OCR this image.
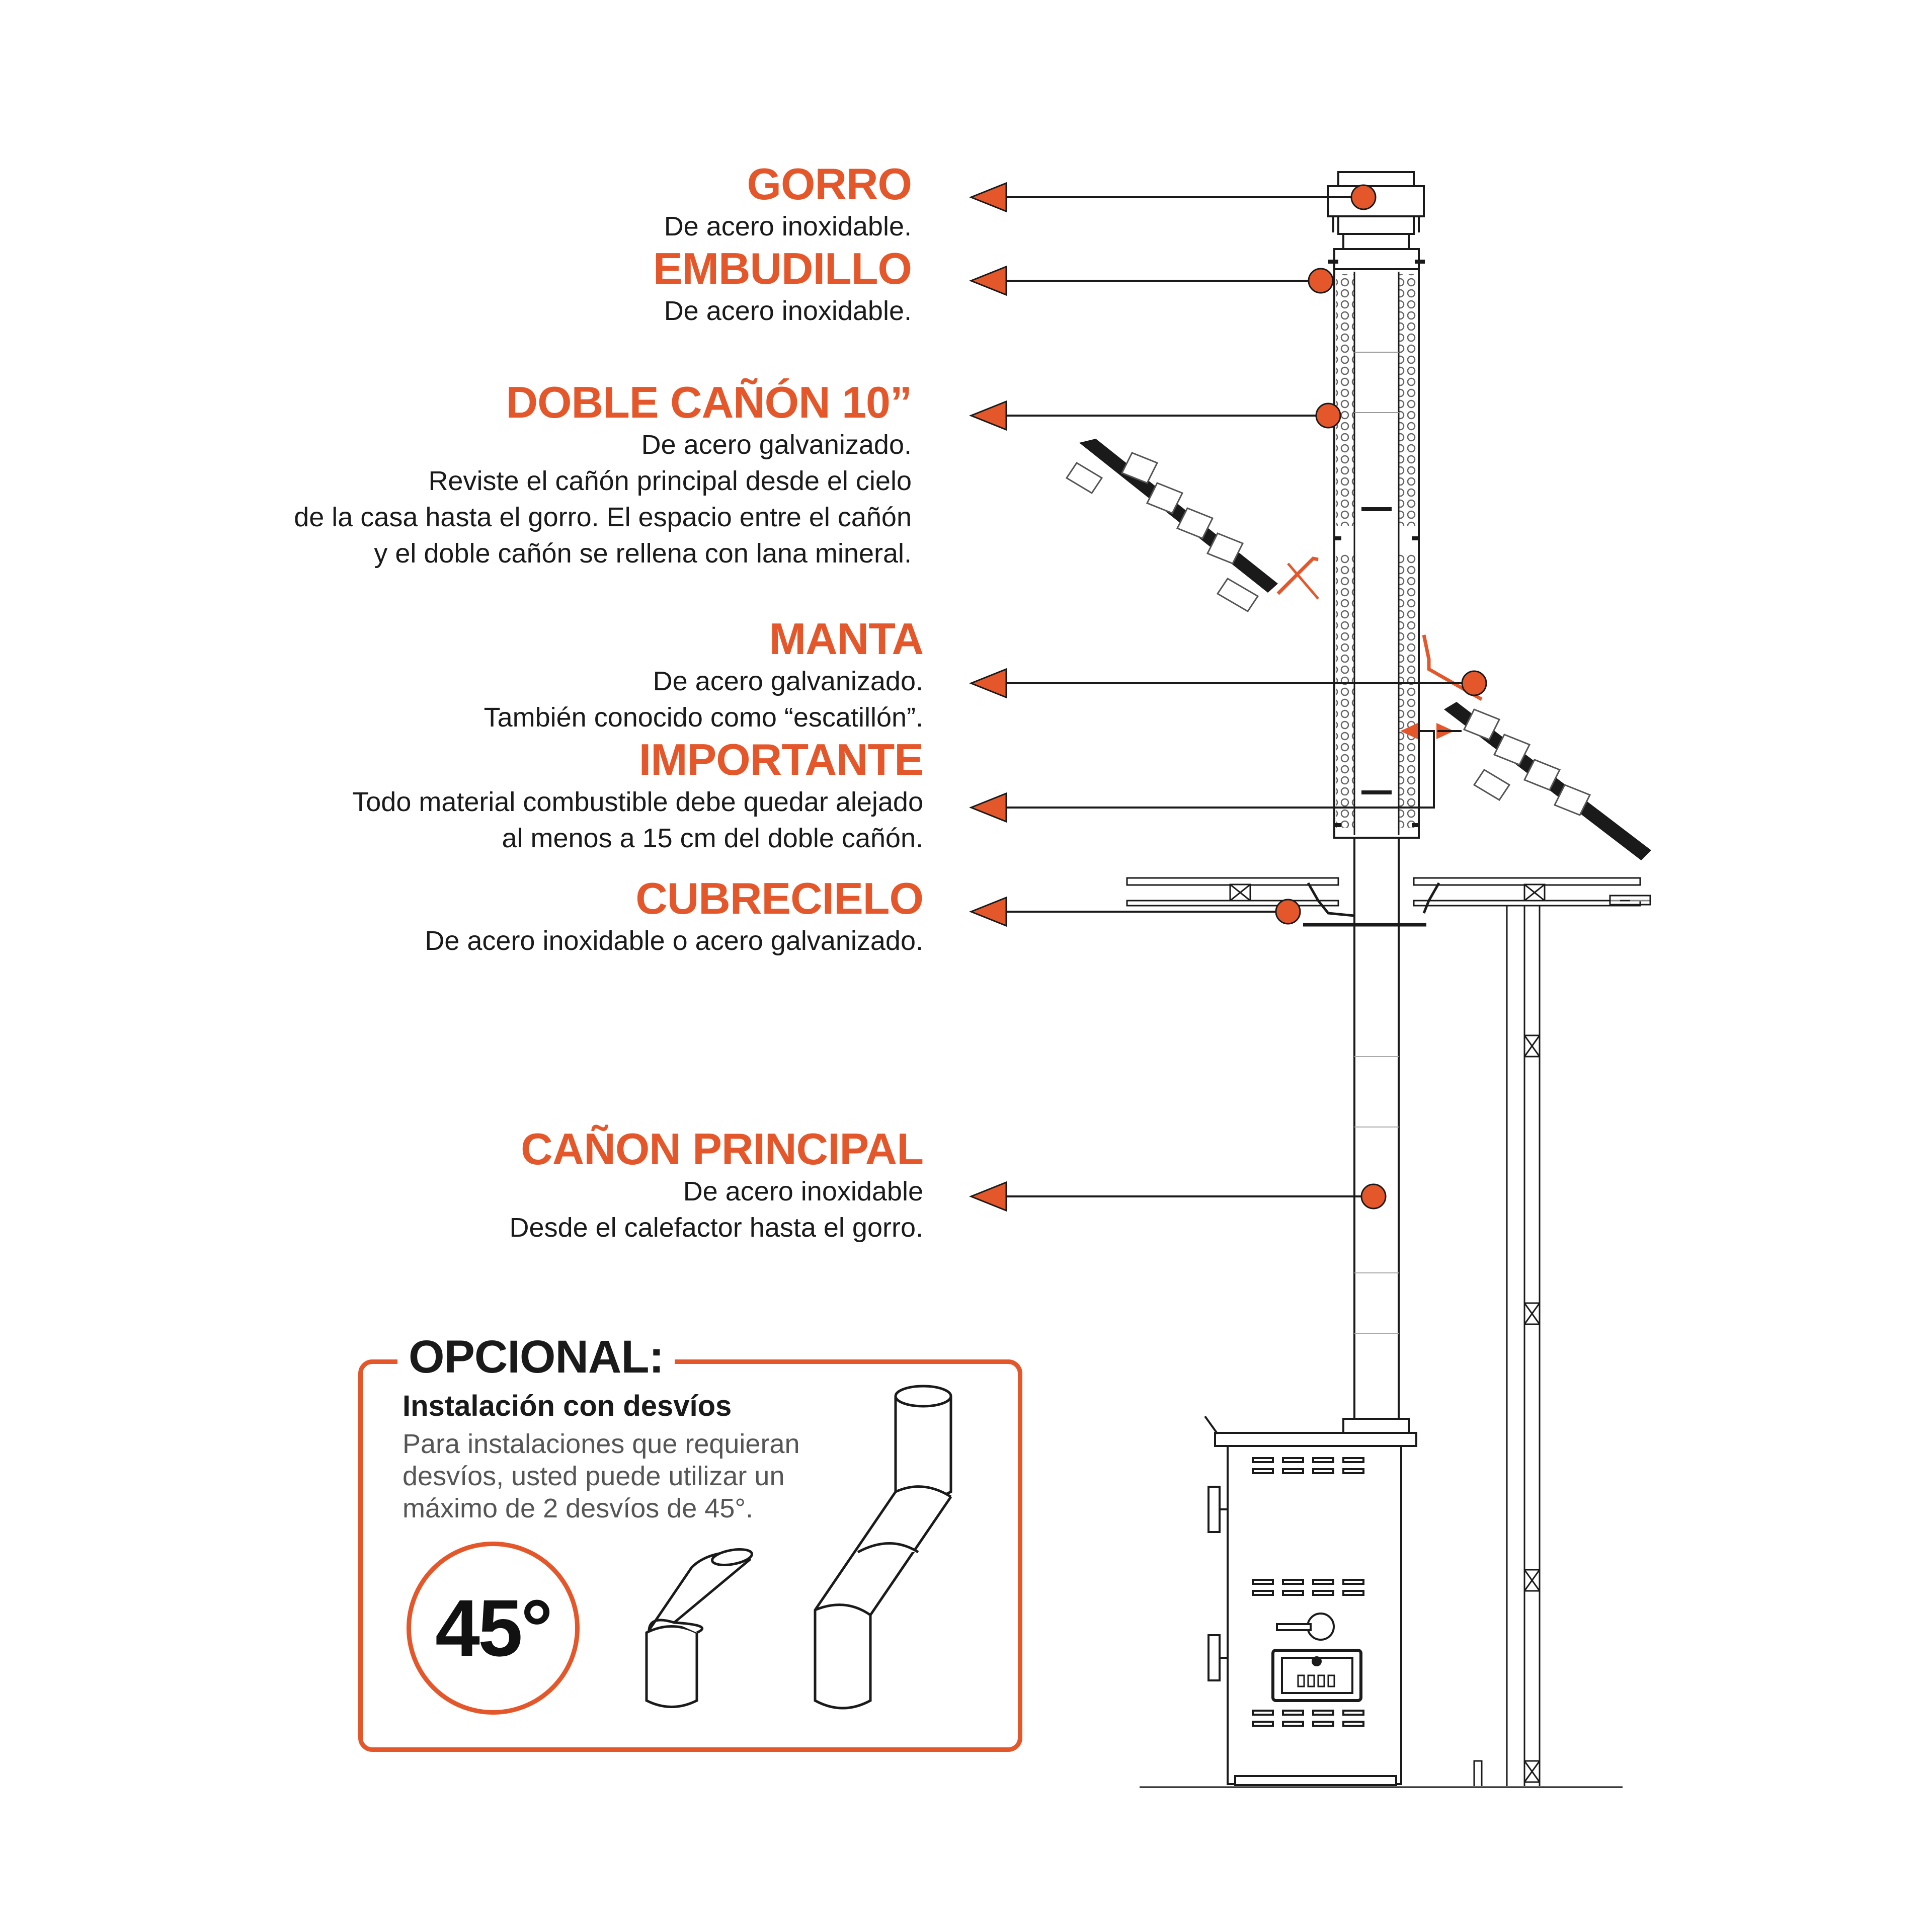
GORRO
De acero inoxidable.
EMBUDILLO
De acero inoxidable.
DOBLE CAÑÓN 10”
De acero galvanizado.
Reviste el cañón principal desde el cielo
de la casa hasta el gorro. El espacio entre el cañón
y el doble cañón se rellena con lana mineral.
MANTA
De acero galvanizado.
También conocido como “escatillón”.
IMPORTANTE
Todo material combustible debe quedar alejado
al menos a 15 cm del doble cañón.
CUBRECIELO
De acero inoxidable o acero galvanizado.
CAÑON PRINCIPAL
De acero inoxidable
Desde el calefactor hasta el gorro.
OPCIONAL:
Instalación con desvíos
Para instalaciones que requieran
desvíos, usted puede utilizar un
máximo de 2 desvíos de 45°.
45°
